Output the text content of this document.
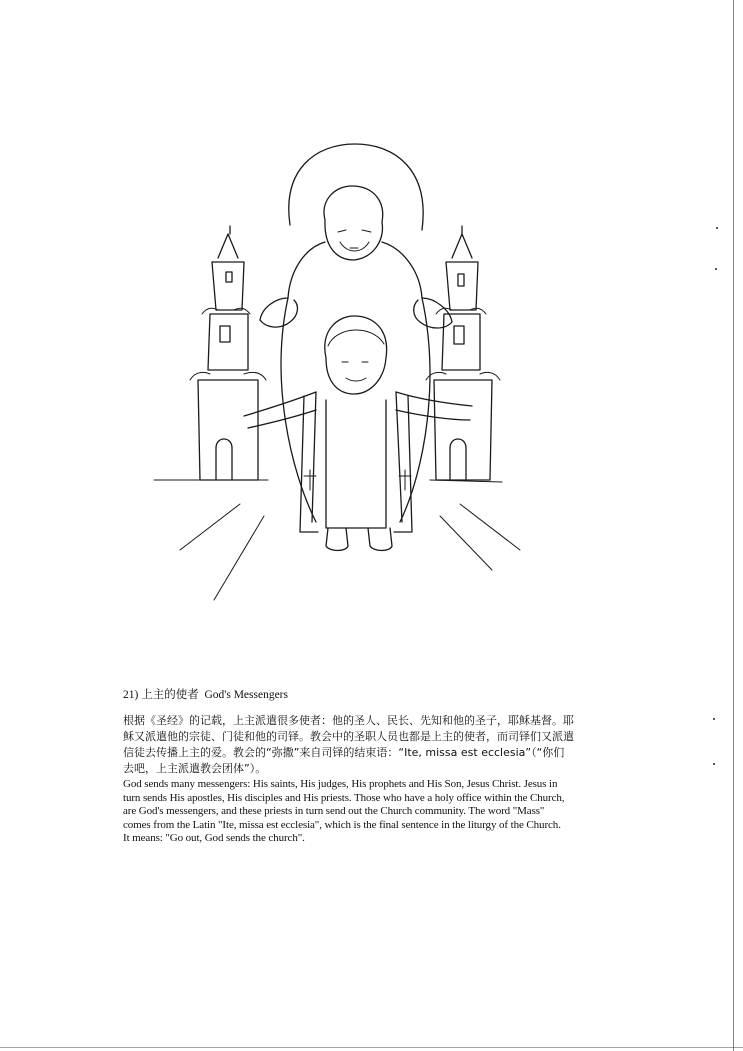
21) 上主的使者 God's Messengers

根据《圣经》的记载，上主派遣很多使者：他的圣人、民长、先知和他的圣子，耶稣基督。耶

稣又派遣他的宗徒、门徒和他的司铎。教会中的圣职人员也都是上主的使者，而司铎们又派遣

信徒去传播上主的爱。教会的“弥撒”来自司铎的结束语：“Ite, missa est ecclesia”（“你们

去吧，上主派遣教会团体”）。

God sends many messengers: His saints, His judges, His prophets and His Son, Jesus Christ. Jesus in

turn sends His apostles, His disciples and His priests. Those who have a holy office within the Church,

are God's messengers, and these priests in turn send out the Church community. The word "Mass"

comes from the Latin "Ite, missa est ecclesia", which is the final sentence in the liturgy of the Church.

It means: "Go out, God sends the church".
